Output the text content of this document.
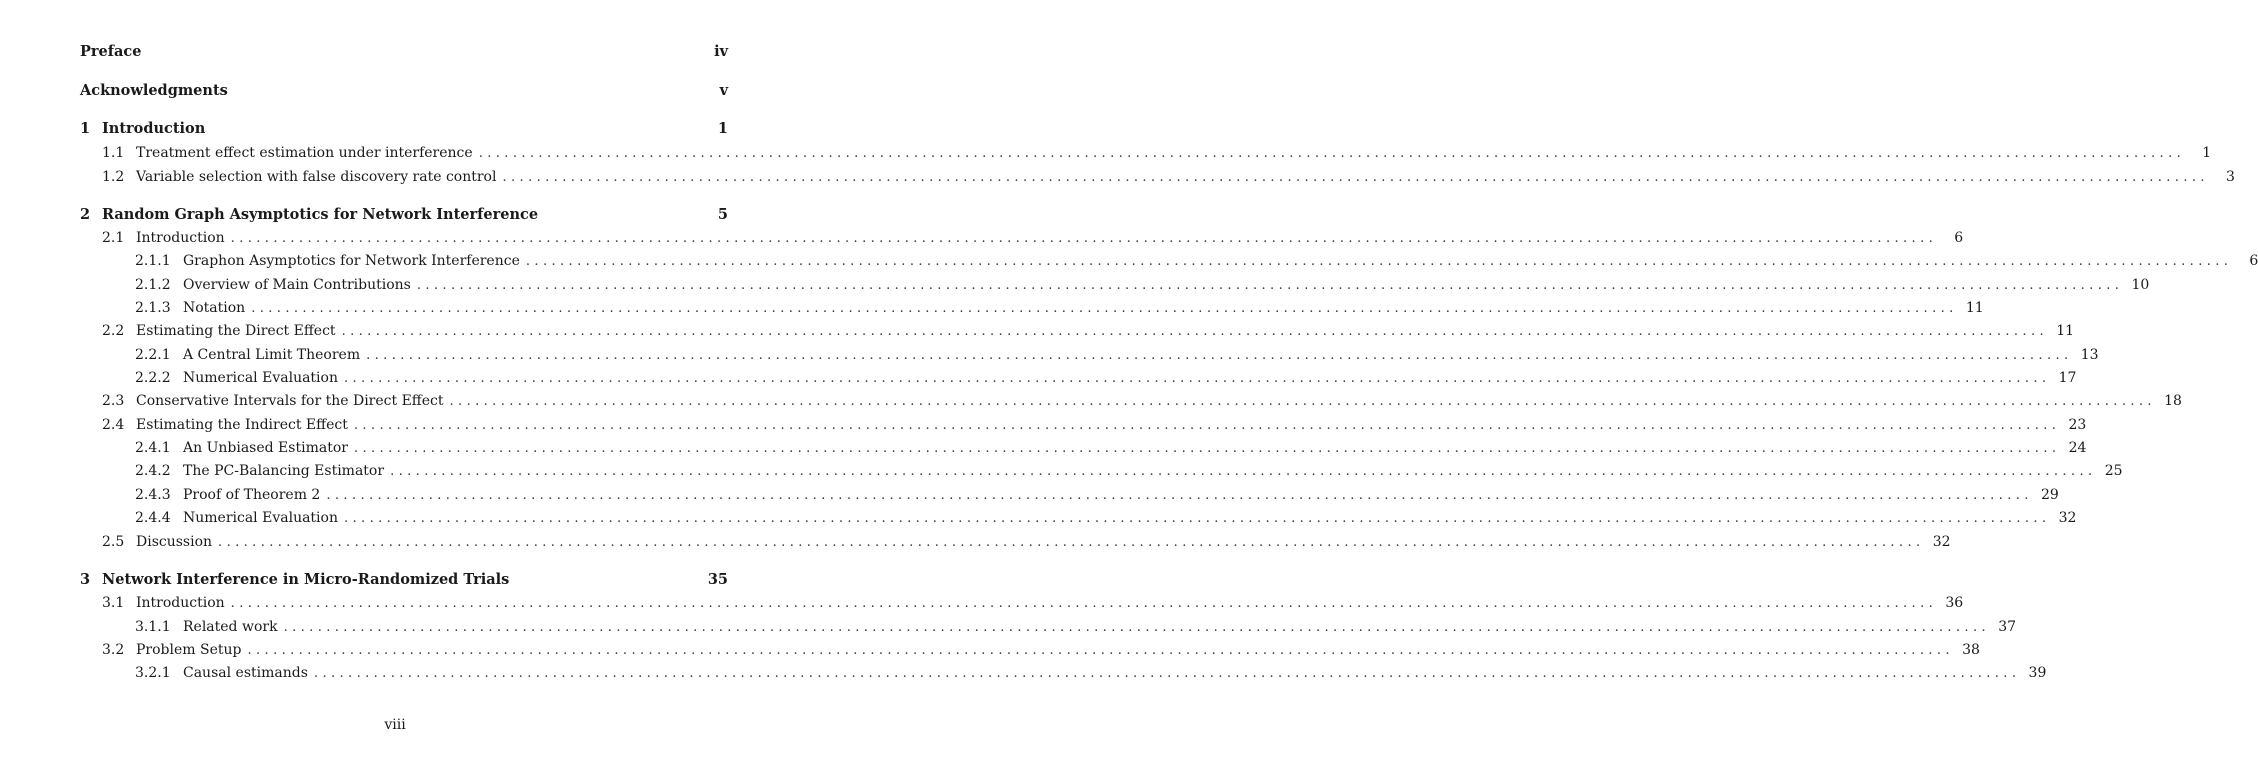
Preface	iv
Acknowledgments	v
1 Introduction	1
1.1 Treatment effect estimation under interference ........................................................................................................................................................................................................	1
1.2 Variable selection with false discovery rate control ........................................................................................................................................................................................................	3
2 Random Graph Asymptotics for Network Interference	5
2.1 Introduction ........................................................................................................................................................................................................	6
2.1.1 Graphon Asymptotics for Network Interference ........................................................................................................................................................................................................	6
2.1.2 Overview of Main Contributions ........................................................................................................................................................................................................ 10
2.1.3 Notation ........................................................................................................................................................................................................ 11
2.2 Estimating the Direct Effect ........................................................................................................................................................................................................ 11
2.2.1 A Central Limit Theorem ........................................................................................................................................................................................................ 13
2.2.2 Numerical Evaluation ........................................................................................................................................................................................................ 17
2.3 Conservative Intervals for the Direct Effect ........................................................................................................................................................................................................ 18
2.4 Estimating the Indirect Effect ........................................................................................................................................................................................................ 23
2.4.1 An Unbiased Estimator ........................................................................................................................................................................................................ 24
2.4.2 The PC-Balancing Estimator ........................................................................................................................................................................................................ 25
2.4.3 Proof of Theorem 2 ........................................................................................................................................................................................................ 29
2.4.4 Numerical Evaluation ........................................................................................................................................................................................................ 32
2.5 Discussion ........................................................................................................................................................................................................ 32
3 Network Interference in Micro-Randomized Trials	35
3.1 Introduction ........................................................................................................................................................................................................ 36
3.1.1 Related work ........................................................................................................................................................................................................ 37
3.2 Problem Setup ........................................................................................................................................................................................................ 38
3.2.1 Causal estimands ........................................................................................................................................................................................................ 39
viii
